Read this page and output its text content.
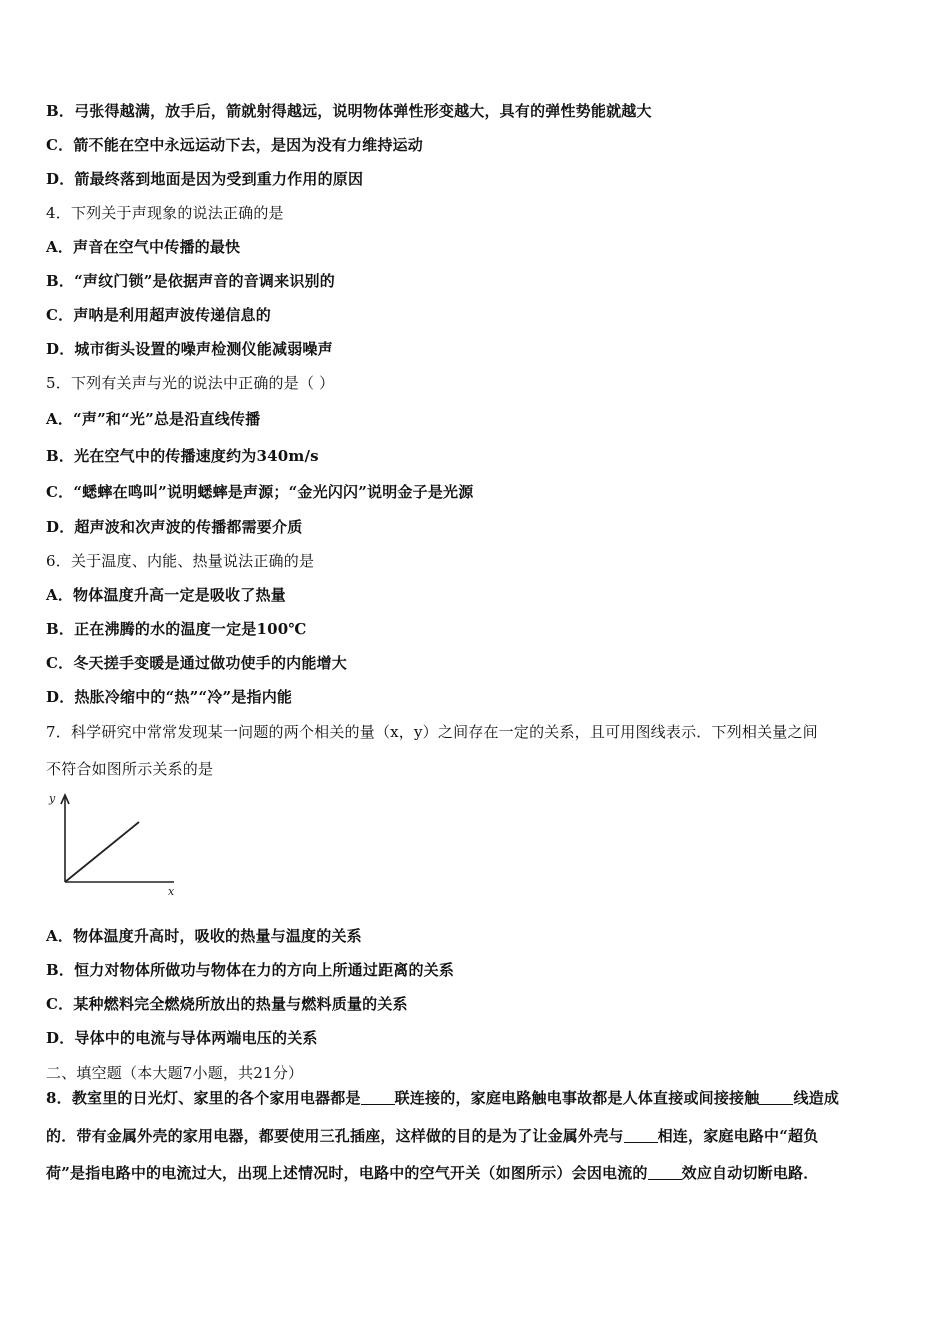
B．弓张得越满，放手后，箭就射得越远，说明物体弹性形变越大，具有的弹性势能就越大
C．箭不能在空中永远运动下去，是因为没有力维持运动
D．箭最终落到地面是因为受到重力作用的原因
4．下列关于声现象的说法正确的是
A．声音在空气中传播的最快
B．“声纹门锁”是依据声音的音调来识别的
C．声呐是利用超声波传递信息的
D．城市街头设置的噪声检测仪能减弱噪声
5．下列有关声与光的说法中正确的是（ ）
A．“声”和“光”总是沿直线传播
B．光在空气中的传播速度约为340m/s
C．“蟋蟀在鸣叫”说明蟋蟀是声源；“金光闪闪”说明金子是光源
D．超声波和次声波的传播都需要介质
6．关于温度、内能、热量说法正确的是
A．物体温度升高一定是吸收了热量
B．正在沸腾的水的温度一定是100℃
C．冬天搓手变暖是通过做功使手的内能增大
D．热胀冷缩中的“热”“冷”是指内能
7．科学研究中常常发现某一问题的两个相关的量（x，y）之间存在一定的关系，且可用图线表示．下列相关量之间
不符合如图所示关系的是
y
x
A．物体温度升高时，吸收的热量与温度的关系
B．恒力对物体所做功与物体在力的方向上所通过距离的关系
C．某种燃料完全燃烧所放出的热量与燃料质量的关系
D．导体中的电流与导体两端电压的关系
二、填空题（本大题7小题，共21分）
8．教室里的日光灯、家里的各个家用电器都是 联连接的，家庭电路触电事故都是人体直接或间接接触 线造成
的．带有金属外壳的家用电器，都要使用三孔插座，这样做的目的是为了让金属外壳与 相连，家庭电路中“超负
荷”是指电路中的电流过大，出现上述情况时，电路中的空气开关（如图所示）会因电流的 效应自动切断电路．
